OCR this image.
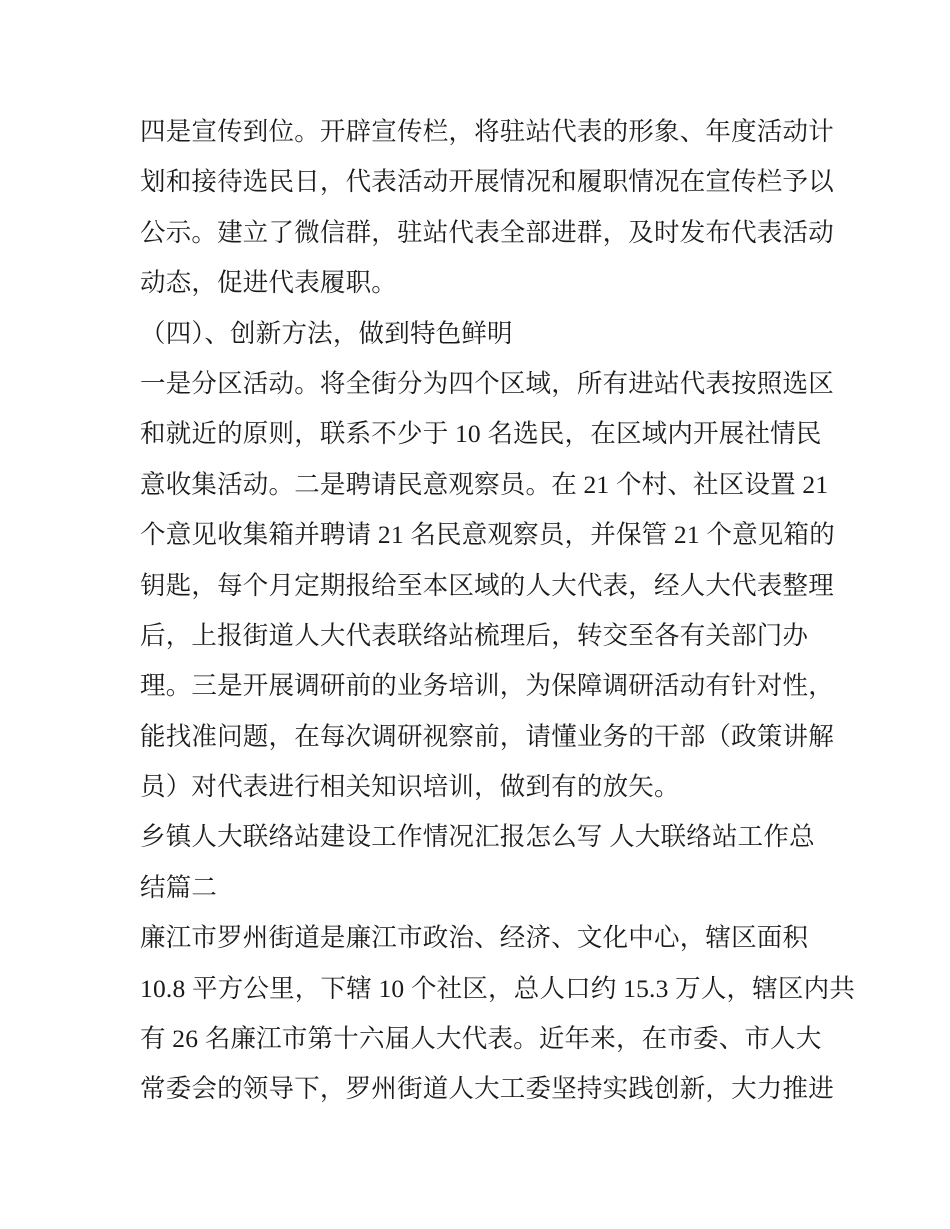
四是宣传到位。开辟宣传栏，将驻站代表的形象、年度活动计
划和接待选民日，代表活动开展情况和履职情况在宣传栏予以
公示。建立了微信群，驻站代表全部进群，及时发布代表活动
动态，促进代表履职。
（四）、创新方法，做到特色鲜明
一是分区活动。将全街分为四个区域，所有进站代表按照选区
和就近的原则，联系不少于 10 名选民，在区域内开展社情民
意收集活动。二是聘请民意观察员。在 21 个村、社区设置 21
个意见收集箱并聘请 21 名民意观察员，并保管 21 个意见箱的
钥匙，每个月定期报给至本区域的人大代表，经人大代表整理
后，上报街道人大代表联络站梳理后，转交至各有关部门办
理。三是开展调研前的业务培训，为保障调研活动有针对性，
能找准问题，在每次调研视察前，请懂业务的干部（政策讲解
员）对代表进行相关知识培训，做到有的放矢。
乡镇人大联络站建设工作情况汇报怎么写 人大联络站工作总
结篇二
廉江市罗州街道是廉江市政治、经济、文化中心，辖区面积
10.8 平方公里，下辖 10 个社区，总人口约 15.3 万人，辖区内共
有 26 名廉江市第十六届人大代表。近年来，在市委、市人大
常委会的领导下，罗州街道人大工委坚持实践创新，大力推进
